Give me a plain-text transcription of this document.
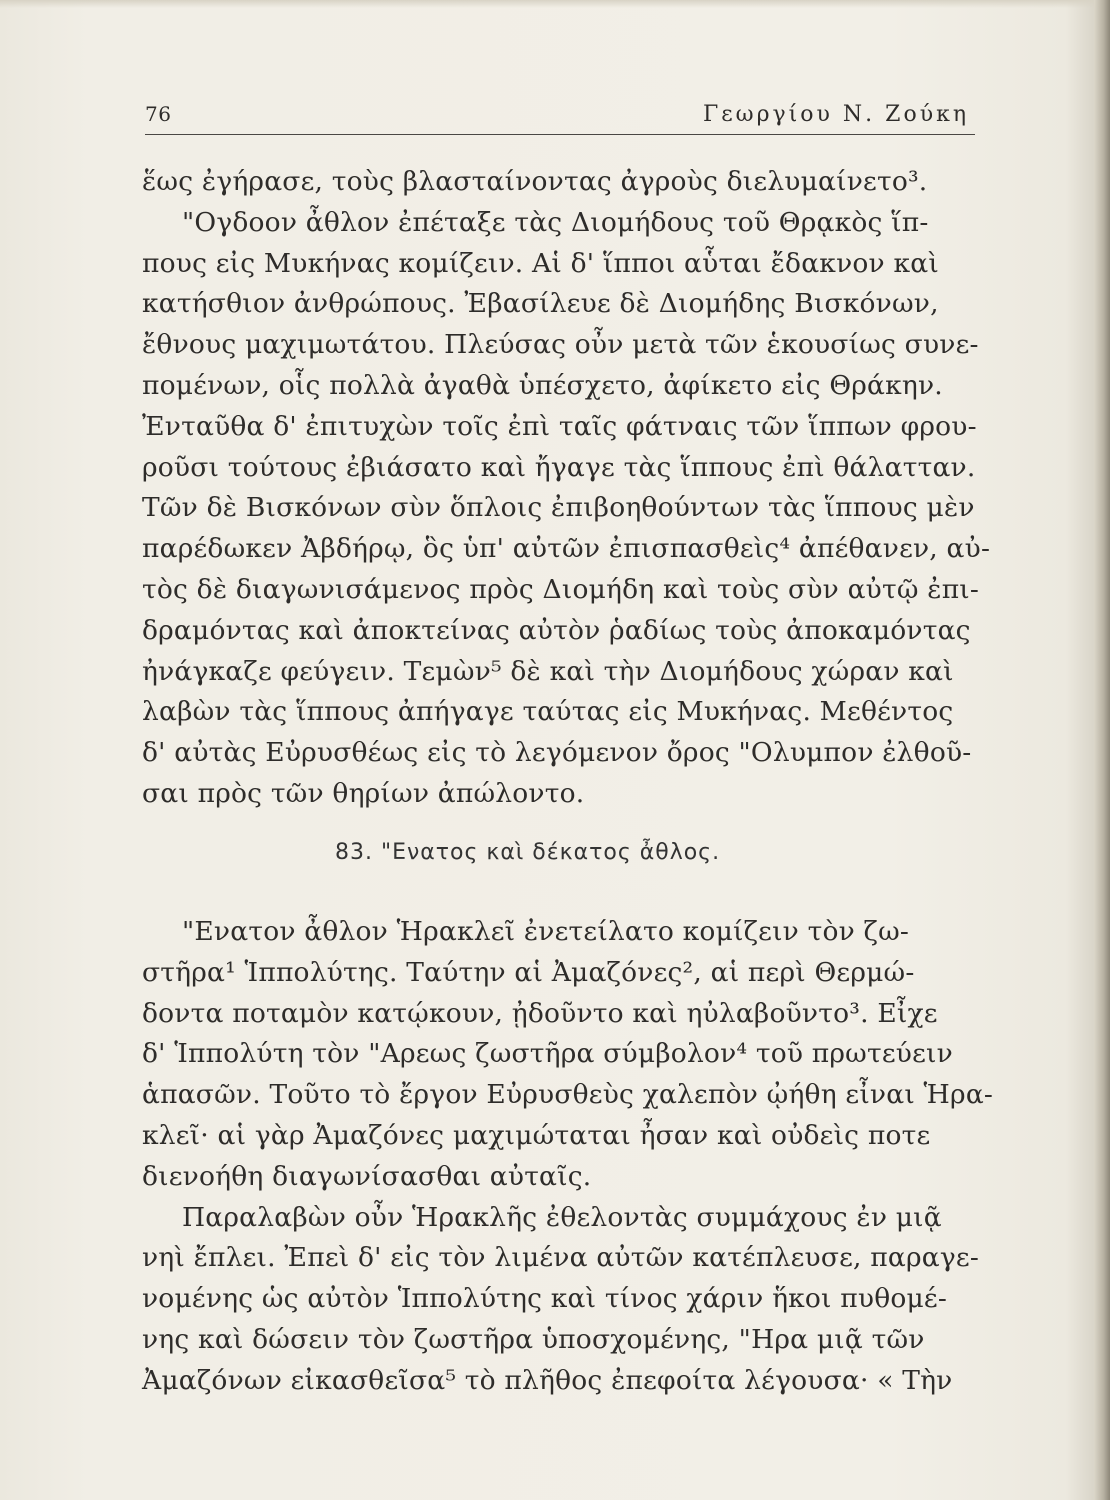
76	Γεωργίου Ν. Ζούκη
ἕως ἐγήρασε, τοὺς βλασταίνοντας ἀγροὺς διελυμαίνετο³.
"Ογδοον ἆθλον ἐπέταξε τὰς Διομήδους τοῦ Θρᾳκὸς ἵπ-
πους εἰς Μυκήνας κομίζειν. Αἱ δ' ἵπποι αὗται ἔδακνον καὶ
κατήσθιον ἀνθρώπους. Ἐβασίλευε δὲ Διομήδης Βισκόνων,
ἔθνους μαχιμωτάτου. Πλεύσας οὖν μετὰ τῶν ἑκουσίως συνε-
πομένων, οἷς πολλὰ ἀγαθὰ ὑπέσχετο, ἀφίκετο εἰς Θράκην.
Ἐνταῦθα δ' ἐπιτυχὼν τοῖς ἐπὶ ταῖς φάτναις τῶν ἵππων φρου-
ροῦσι τούτους ἐβιάσατο καὶ ἤγαγε τὰς ἵππους ἐπὶ θάλατταν.
Τῶν δὲ Βισκόνων σὺν ὅπλοις ἐπιβοηθούντων τὰς ἵππους μὲν
παρέδωκεν Ἀβδήρῳ, ὃς ὑπ' αὐτῶν ἐπισπασθεὶς⁴ ἀπέθανεν, αὐ-
τὸς δὲ διαγωνισάμενος πρὸς Διομήδη καὶ τοὺς σὺν αὐτῷ ἐπι-
δραμόντας καὶ ἀποκτείνας αὐτὸν ῥαδίως τοὺς ἀποκαμόντας
ἠνάγκαζε φεύγειν. Τεμὼν⁵ δὲ καὶ τὴν Διομήδους χώραν καὶ
λαβὼν τὰς ἵππους ἀπήγαγε ταύτας εἰς Μυκήνας. Μεθέντος
δ' αὐτὰς Εὐρυσθέως εἰς τὸ λεγόμενον ὄρος "Ολυμπον ἐλθοῦ-
σαι πρὸς τῶν θηρίων ἀπώλοντο.
83. "Ενατος καὶ δέκατος ἆθλος.
"Ενατον ἆθλον Ἡρακλεῖ ἐνετείλατο κομίζειν τὸν ζω-
στῆρα¹ Ἱππολύτης. Ταύτην αἱ Ἀμαζόνες², αἱ περὶ Θερμώ-
δοντα ποταμὸν κατῴκουν, ᾐδοῦντο καὶ ηὐλαβοῦντο³. Εἶχε
δ' Ἱππολύτη τὸν "Αρεως ζωστῆρα σύμβολον⁴ τοῦ πρωτεύειν
ἁπασῶν. Τοῦτο τὸ ἔργον Εὐρυσθεὺς χαλεπὸν ᾠήθη εἶναι Ἡρα-
κλεῖ· αἱ γὰρ Ἀμαζόνες μαχιμώταται ἦσαν καὶ οὐδεὶς ποτε
διενοήθη διαγωνίσασθαι αὐταῖς.
Παραλαβὼν οὖν Ἡρακλῆς ἐθελοντὰς συμμάχους ἐν μιᾷ
νηὶ ἔπλει. Ἐπεὶ δ' εἰς τὸν λιμένα αὐτῶν κατέπλευσε, παραγε-
νομένης ὡς αὐτὸν Ἱππολύτης καὶ τίνος χάριν ἥκοι πυθομέ-
νης καὶ δώσειν τὸν ζωστῆρα ὑποσχομένης, "Ηρα μιᾷ τῶν
Ἀμαζόνων εἰκασθεῖσα⁵ τὸ πλῆθος ἐπεφοίτα λέγουσα· « Τὴν
